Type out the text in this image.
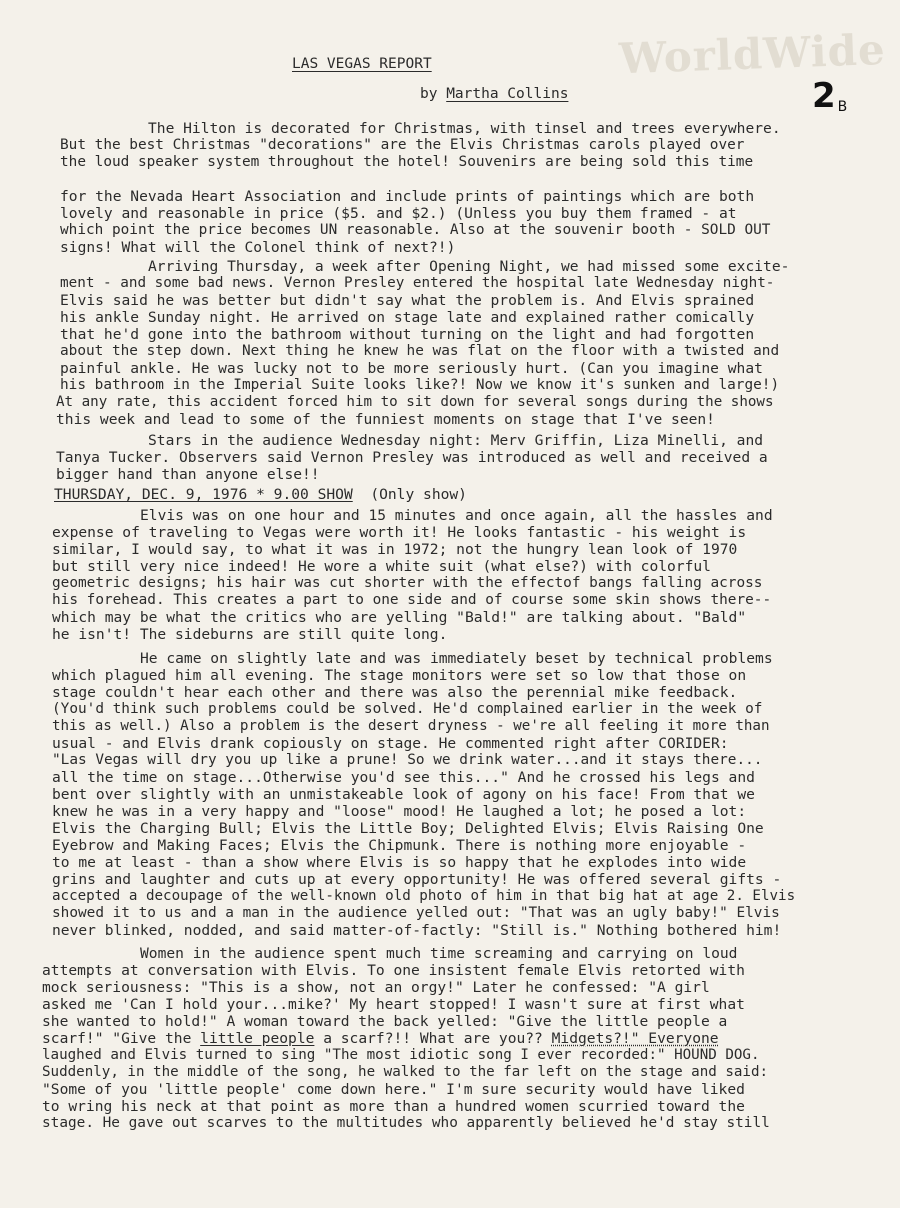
WorldWide
LAS VEGAS REPORT
by Martha Collins	2 $_B$
The Hilton is decorated for Christmas, with tinsel and trees everywhere.
But the best Christmas "decorations" are the Elvis Christmas carols played over
the loud speaker system throughout the hotel! Souvenirs are being sold this time
for the Nevada Heart Association and include prints of paintings which are both
lovely and reasonable in price ($5. and $2.) (Unless you buy them framed - at
which point the price becomes UN reasonable. Also at the souvenir booth - SOLD OUT
signs! What will the Colonel think of next?!)
Arriving Thursday, a week after Opening Night, we had missed some excite-
ment - and some bad news. Vernon Presley entered the hospital late Wednesday night-
Elvis said he was better but didn't say what the problem is. And Elvis sprained
his ankle Sunday night. He arrived on stage late and explained rather comically
that he'd gone into the bathroom without turning on the light and had forgotten
about the step down. Next thing he knew he was flat on the floor with a twisted and
painful ankle. He was lucky not to be more seriously hurt. (Can you imagine what
his bathroom in the Imperial Suite looks like?! Now we know it's sunken and large!)
At any rate, this accident forced him to sit down for several songs during the shows
this week and lead to some of the funniest moments on stage that I've seen!
Stars in the audience Wednesday night: Merv Griffin, Liza Minelli, and
Tanya Tucker. Observers said Vernon Presley was introduced as well and received a
bigger hand than anyone else!!
THURSDAY, DEC. 9, 1976 * 9.00 SHOW (Only show)
Elvis was on one hour and 15 minutes and once again, all the hassles and
expense of traveling to Vegas were worth it! He looks fantastic - his weight is
similar, I would say, to what it was in 1972; not the hungry lean look of 1970
but still very nice indeed! He wore a white suit (what else?) with colorful
geometric designs; his hair was cut shorter with the effectof bangs falling across
his forehead. This creates a part to one side and of course some skin shows there--
which may be what the critics who are yelling "Bald!" are talking about. "Bald"
he isn't! The sideburns are still quite long.
He came on slightly late and was immediately beset by technical problems
which plagued him all evening. The stage monitors were set so low that those on
stage couldn't hear each other and there was also the perennial mike feedback.
(You'd think such problems could be solved. He'd complained earlier in the week of
this as well.) Also a problem is the desert dryness - we're all feeling it more than
usual - and Elvis drank copiously on stage. He commented right after CORIDER:
"Las Vegas will dry you up like a prune! So we drink water...and it stays there...
all the time on stage...Otherwise you'd see this..." And he crossed his legs and
bent over slightly with an unmistakeable look of agony on his face! From that we
knew he was in a very happy and "loose" mood! He laughed a lot; he posed a lot:
Elvis the Charging Bull; Elvis the Little Boy; Delighted Elvis; Elvis Raising One
Eyebrow and Making Faces; Elvis the Chipmunk. There is nothing more enjoyable -
to me at least - than a show where Elvis is so happy that he explodes into wide
grins and laughter and cuts up at every opportunity! He was offered several gifts -
accepted a decoupage of the well-known old photo of him in that big hat at age 2. Elvis
showed it to us and a man in the audience yelled out: "That was an ugly baby!" Elvis
never blinked, nodded, and said matter-of-factly: "Still is." Nothing bothered him!
Women in the audience spent much time screaming and carrying on loud
attempts at conversation with Elvis. To one insistent female Elvis retorted with
mock seriousness: "This is a show, not an orgy!" Later he confessed: "A girl
asked me 'Can I hold your...mike?' My heart stopped! I wasn't sure at first what
she wanted to hold!" A woman toward the back yelled: "Give the little people a
scarf!" "Give the little people a scarf?!! What are you?? Midgets?!" Everyone
laughed and Elvis turned to sing "The most idiotic song I ever recorded:" HOUND DOG.
Suddenly, in the middle of the song, he walked to the far left on the stage and said:
"Some of you 'little people' come down here." I'm sure security would have liked
to wring his neck at that point as more than a hundred women scurried toward the
stage. He gave out scarves to the multitudes who apparently believed he'd stay still
